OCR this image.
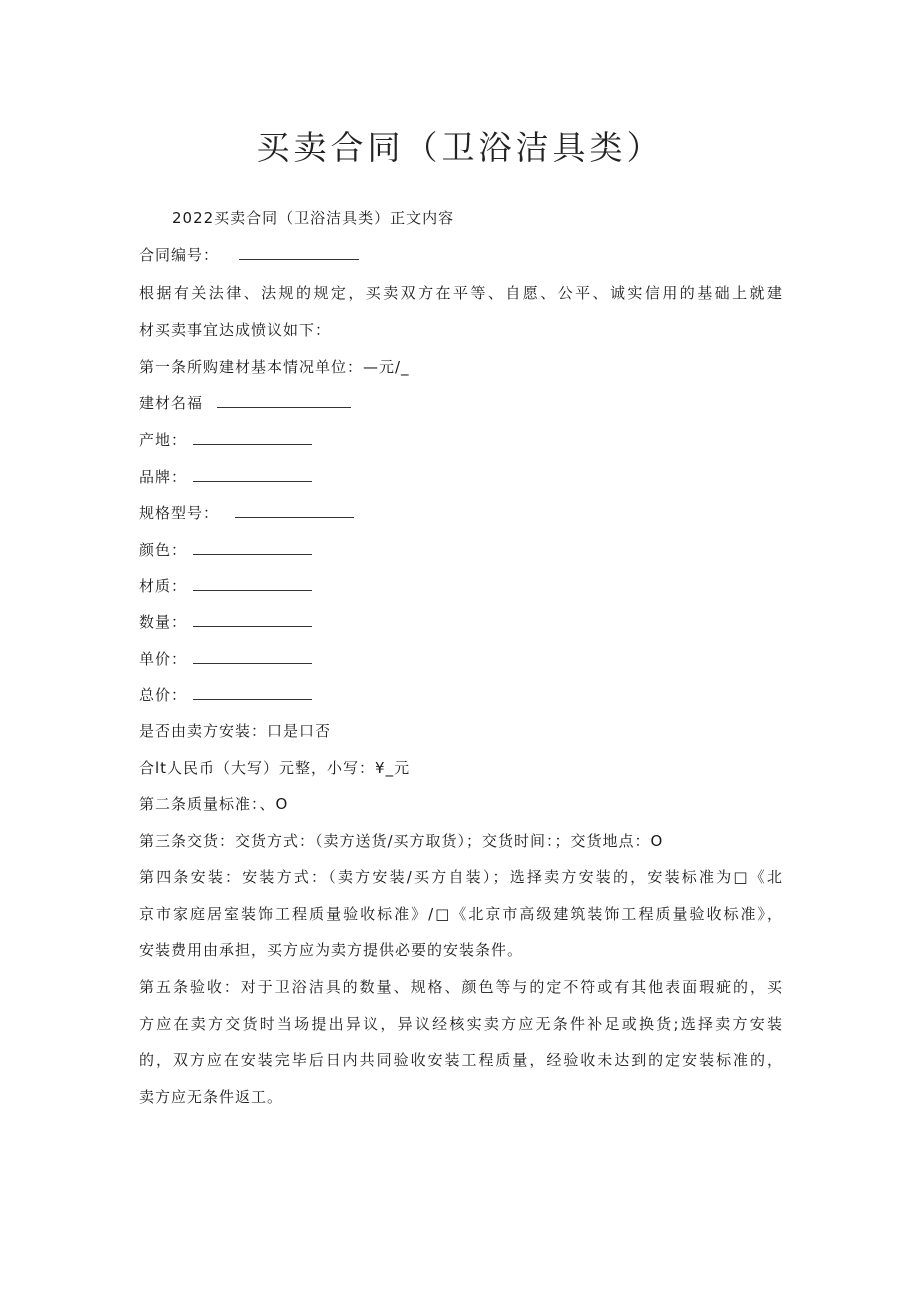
买卖合同（卫浴洁具类）
2022买卖合同（卫浴洁具类）正文内容
合同编号：
根据有关法律、法规的规定，买卖双方在平等、自愿、公平、诚实信用的基础上就建
材买卖事宜达成愤议如下：
第一条所购建材基本情况单位：—元/_
建材名福
产地：
品牌：
规格型号：
颜色：
材质：
数量：
单价：
总价：
是否由卖方安装：口是口否
合lt人民币（大写）元整，小写：¥_元
第二条质量标准：、O
第三条交货：交货方式：（卖方送货/买方取货）；交货时间：；交货地点：O
第四条安装：安装方式：（卖方安装/买方自装）；选择卖方安装的，安装标准为□《北
京市家庭居室装饰工程质量验收标准》/□《北京市高级建筑装饰工程质量验收标准》，
安装费用由承担，买方应为卖方提供必要的安装条件。
第五条验收：对于卫浴洁具的数量、规格、颜色等与的定不符或有其他表面瑕疵的，买
方应在卖方交货时当场提出异议，异议经核实卖方应无条件补足或换货;选择卖方安装
的，双方应在安装完毕后日内共同验收安装工程质量，经验收未达到的定安装标准的，
卖方应无条件返工。
